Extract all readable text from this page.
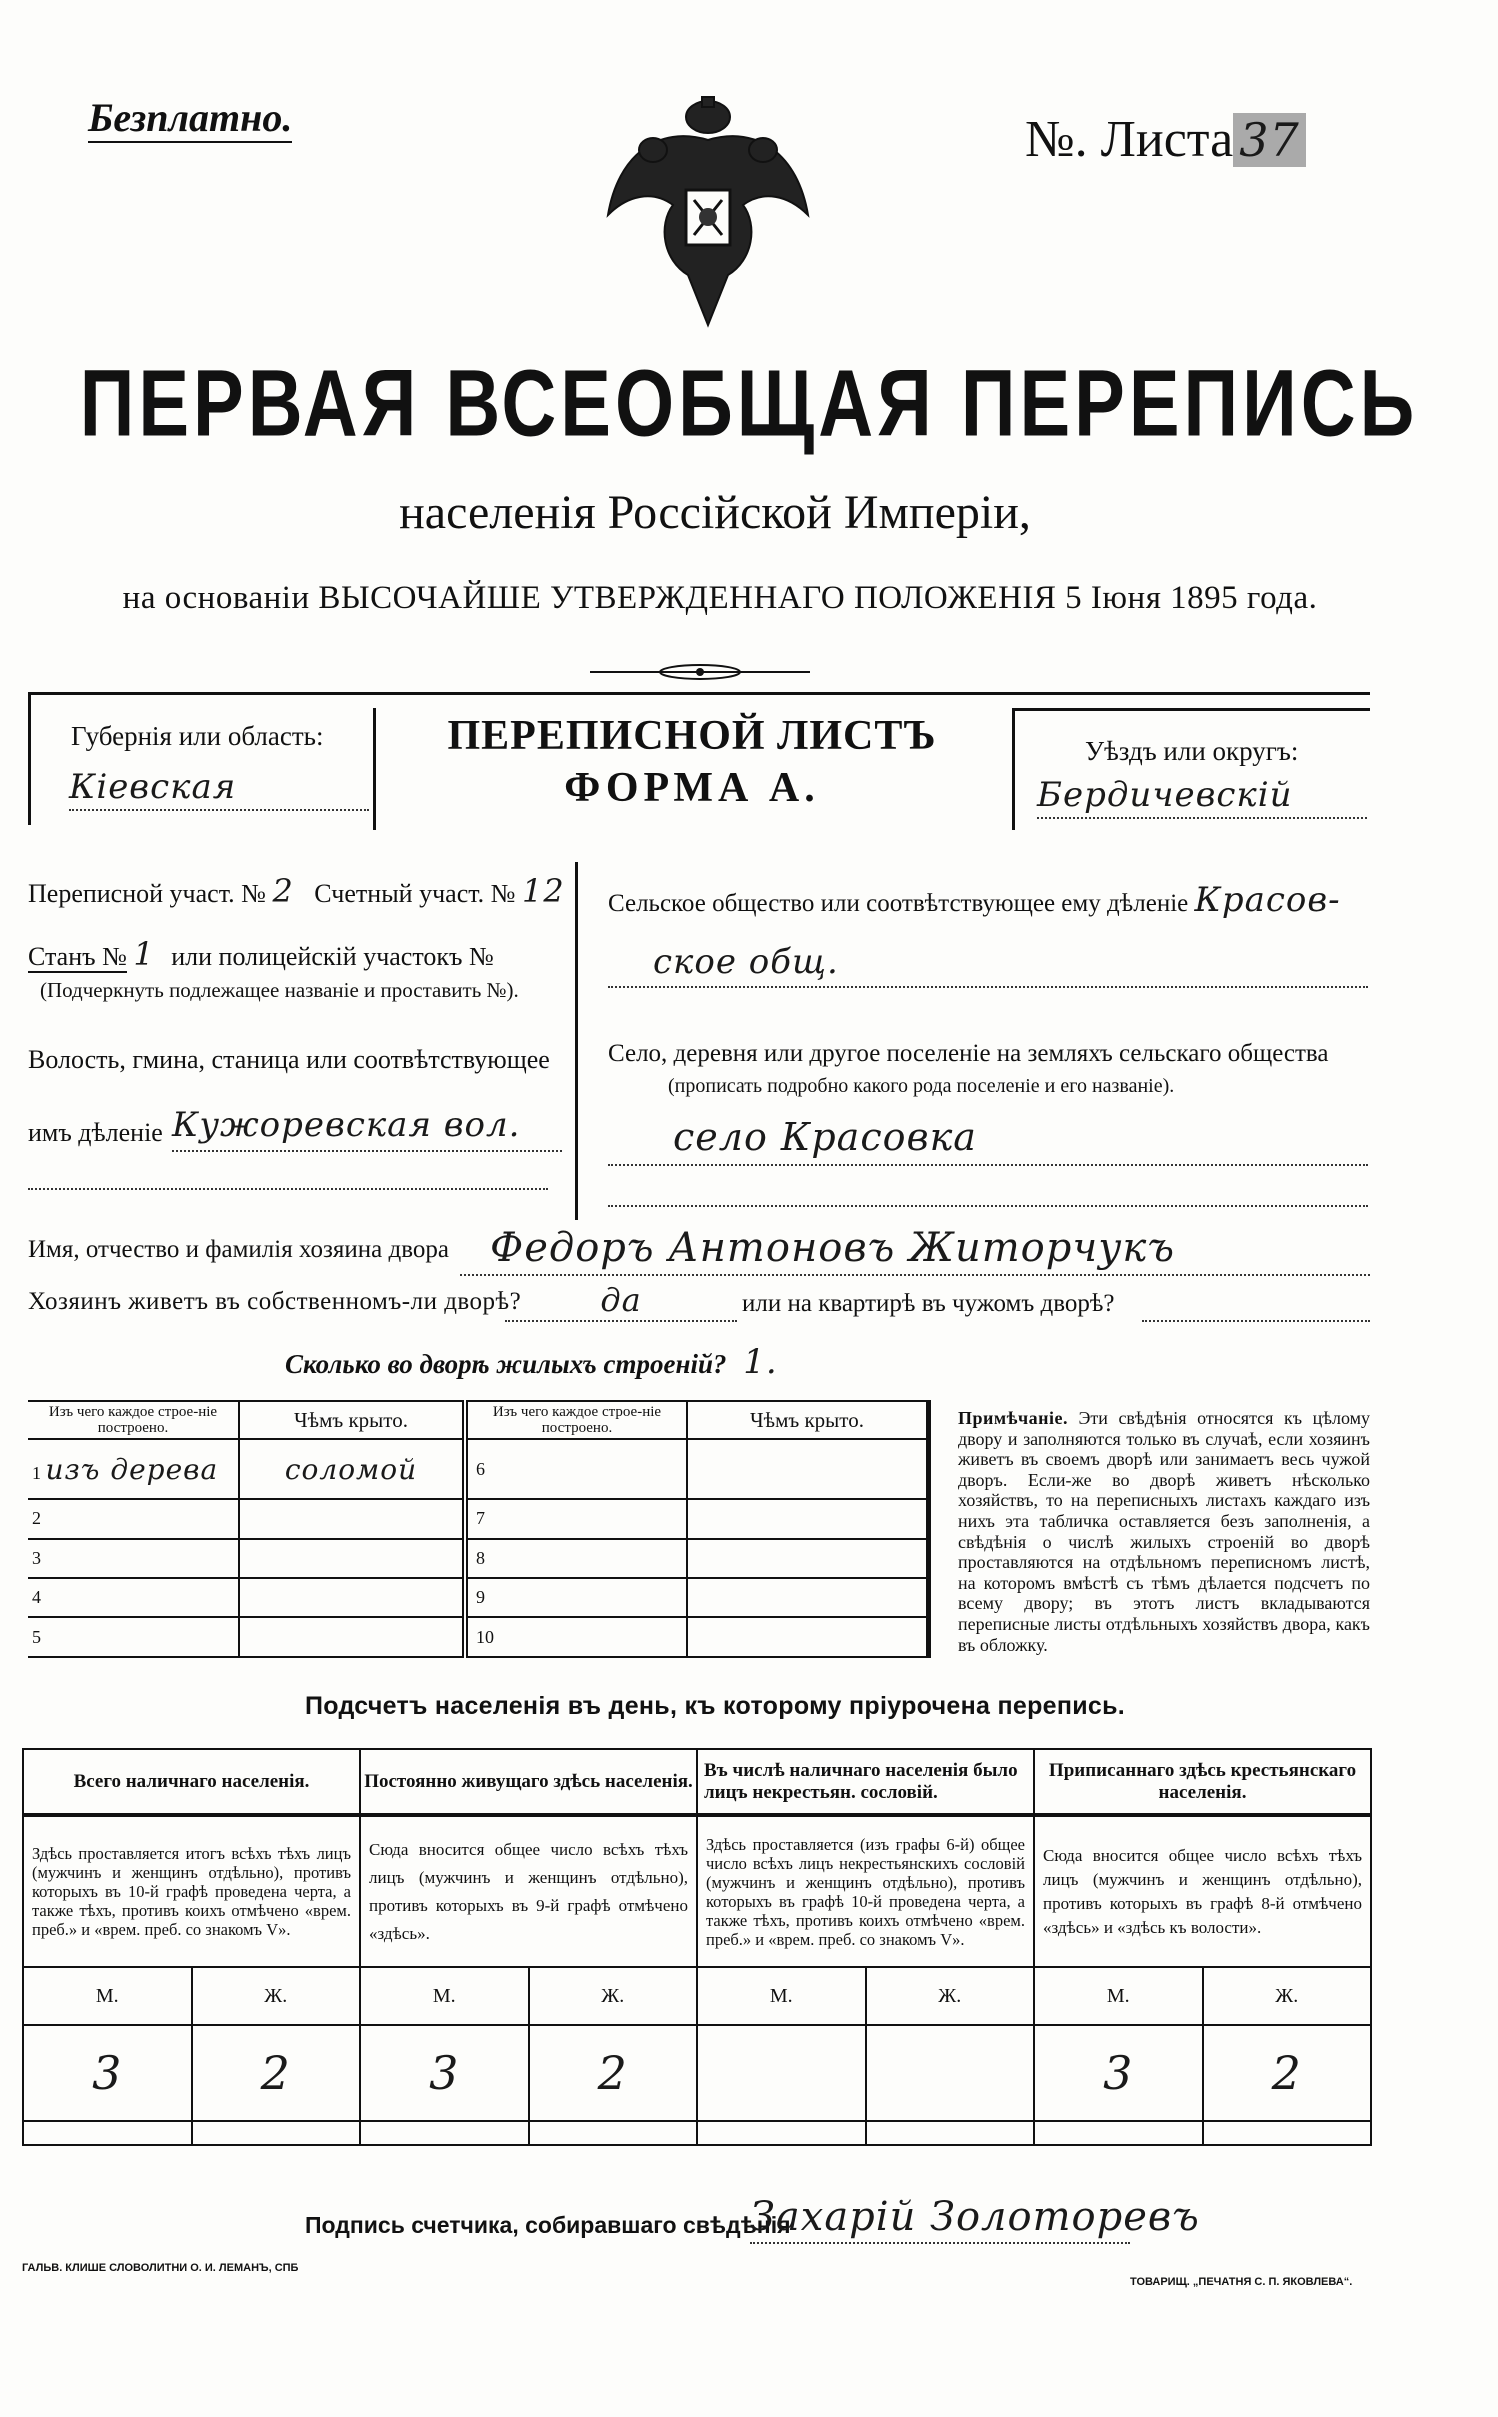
Безплатно.	№. Листа 37
ПЕРВАЯ ВСЕОБЩАЯ ПЕРЕПИСЬ
населенія Россійской Имперіи,
на основаніи ВЫСОЧАЙШЕ УТВЕРЖДЕННАГО ПОЛОЖЕНІЯ 5 Іюня 1895 года.
Губернія или область:
Кіевская
ПЕРЕПИСНОЙ ЛИСТЪ
ФОРМА А.
Уѣздъ или округъ:
Бердичевскій
Переписной участ. № 2 Счетный участ. № 12
Станъ № 1 или полицейскій участокъ №
(Подчеркнуть подлежащее названіе и проставить №).
Волость, гмина, станица или соотвѣтствующее
имъ дѣленіе Кужоревская вол.
Сельское общество или соотвѣтствующее ему дѣленіе Красов-
ское общ.
Село, деревня или другое поселеніе на земляхъ сельскаго общества
(прописать подробно какого рода поселеніе и его названіе).
село Красовка
Имя, отчество и фамилія хозяина двора	Федоръ Антоновъ Житорчукъ
Хозяинъ живетъ въ собственномъ-ли дворѣ?	да	или на квартирѣ въ чужомъ дворѣ?
Сколько во дворѣ жилыхъ строеній? 1.
Изъ чего каждое строе-ніе построено.	Чѣмъ крыто.	Изъ чего каждое строе-ніе построено.	Чѣмъ крыто.
1 изъ дерева	соломой	6	
2		7	
3		8	
4		9	
5		10	
Примѣчаніе. Эти свѣдѣнія относятся къ цѣлому двору и заполняются только въ случаѣ, если хозяинъ живетъ въ своемъ дворѣ или занимаетъ весь чужой дворъ. Если-же во дворѣ живетъ нѣсколько хозяйствъ, то на переписныхъ листахъ каждаго изъ нихъ эта табличка оставляется безъ заполненія, а свѣдѣнія о числѣ жилыхъ строеній во дворѣ проставляются на отдѣльномъ переписномъ листѣ, на которомъ вмѣстѣ съ тѣмъ дѣлается подсчетъ по всему двору; въ этотъ листъ вкладываются переписные листы отдѣльныхъ хозяйствъ двора, какъ въ обложку.
Подсчетъ населенія въ день, къ которому пріурочена перепись.
Всего наличнаго населенія.		Постоянно живущаго здѣсь населенія.		Въ числѣ наличнаго населенія было лицъ некрестьян. сословій.		Приписаннаго здѣсь крестьянскаго населенія.	
Здѣсь проставляется итогъ всѣхъ тѣхъ лицъ (мужчинъ и женщинъ отдѣльно), противъ которыхъ въ 10-й графѣ проведена черта, а также тѣхъ, противъ коихъ отмѣчено «врем. преб.» и «врем. преб. со знакомъ V».		Сюда вносится общее число всѣхъ тѣхъ лицъ (мужчинъ и женщинъ отдѣльно), противъ которыхъ въ 9-й графѣ отмѣчено «здѣсь».		Здѣсь проставляется (изъ графы 6-й) общее число всѣхъ лицъ некрестьянскихъ сословій (мужчинъ и женщинъ отдѣльно), противъ которыхъ въ графѣ 10-й проведена черта, а также тѣхъ, противъ коихъ отмѣчено «врем. преб.» и «врем. преб. со знакомъ V».		Сюда вносится общее число всѣхъ тѣхъ лицъ (мужчинъ и женщинъ отдѣльно), противъ которыхъ въ графѣ 8-й отмѣчено «здѣсь» и «здѣсь къ волости».	
М.	Ж.	М.	Ж.	М.	Ж.	М.	Ж.
3	2	3	2			3	2

Подпись счетчика, собиравшаго свѣдѣнія
Захарій Золоторевъ
ГАЛЬВ. КЛИШЕ СЛОВОЛИТНИ О. И. ЛЕМАНЪ, СПБ
ТОВАРИЩ. „ПЕЧАТНЯ С. П. ЯКОВЛЕВА“.
